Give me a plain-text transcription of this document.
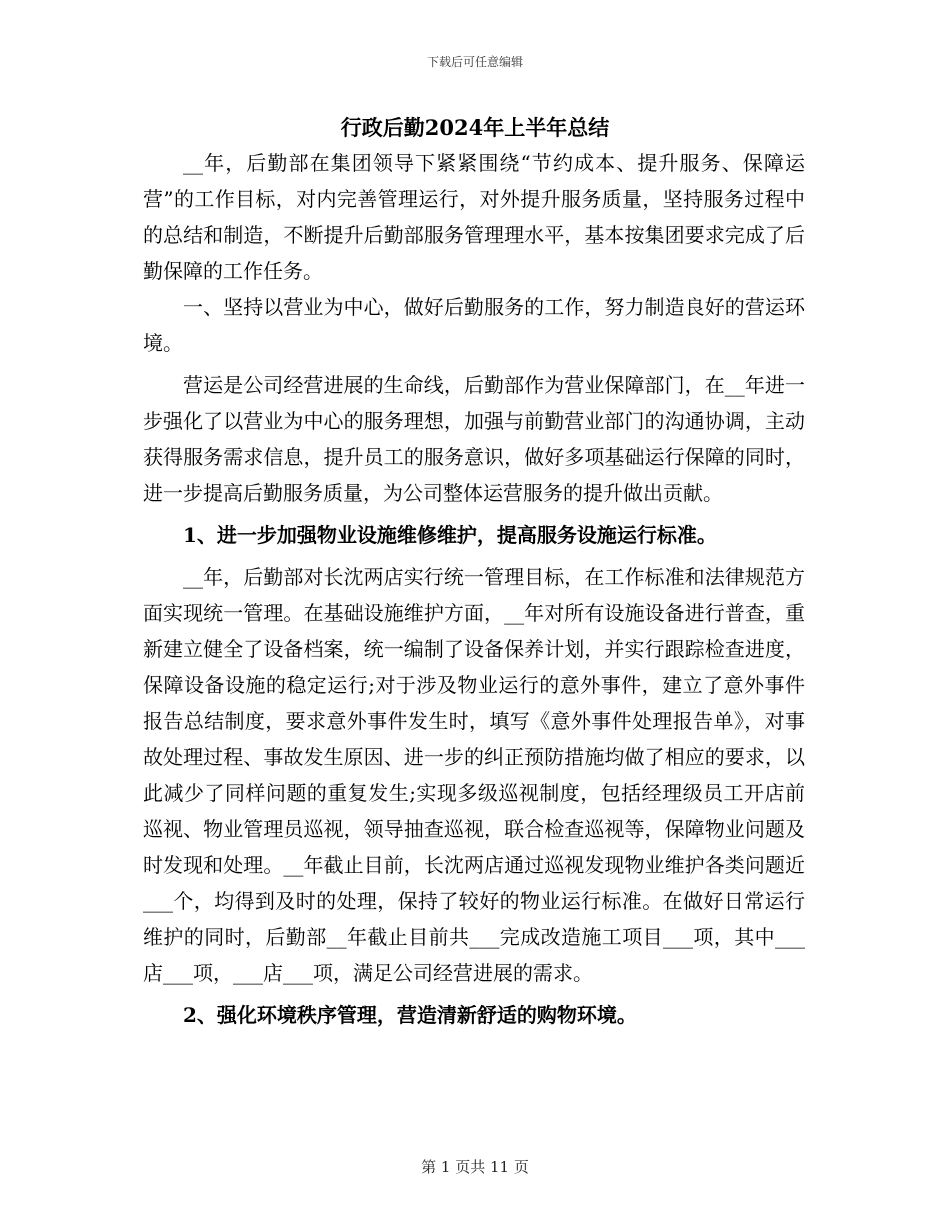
下载后可任意编辑
行政后勤2024年上半年总结

__年，后勤部在集团领导下紧紧围绕“节约成本、提升服务、保障运营”的工作目标，对内完善管理运行，对外提升服务质量，坚持服务过程中的总结和制造，不断提升后勤部服务管理理水平，基本按集团要求完成了后勤保障的工作任务。

一、坚持以营业为中心，做好后勤服务的工作，努力制造良好的营运环境。

营运是公司经营进展的生命线，后勤部作为营业保障部门，在__年进一步强化了以营业为中心的服务理想，加强与前勤营业部门的沟通协调，主动获得服务需求信息，提升员工的服务意识，做好多项基础运行保障的同时，进一步提高后勤服务质量，为公司整体运营服务的提升做出贡献。

1、进一步加强物业设施维修维护，提高服务设施运行标准。

__年，后勤部对长沈两店实行统一管理目标，在工作标准和法律规范方面实现统一管理。在基础设施维护方面，__年对所有设施设备进行普查，重新建立健全了设备档案，统一编制了设备保养计划，并实行跟踪检查进度，保障设备设施的稳定运行;对于涉及物业运行的意外事件，建立了意外事件报告总结制度，要求意外事件发生时，填写《意外事件处理报告单》，对事故处理过程、事故发生原因、进一步的纠正预防措施均做了相应的要求，以此减少了同样问题的重复发生;实现多级巡视制度，包括经理级员工开店前巡视、物业管理员巡视，领导抽查巡视，联合检查巡视等，保障物业问题及时发现和处理。__年截止目前，长沈两店通过巡视发现物业维护各类问题近___个，均得到及时的处理，保持了较好的物业运行标准。在做好日常运行维护的同时，后勤部__年截止目前共___完成改造施工项目___项，其中___店___项，___店___项，满足公司经营进展的需求。

2、强化环境秩序管理，营造清新舒适的购物环境。

第 1 页共 11 页
